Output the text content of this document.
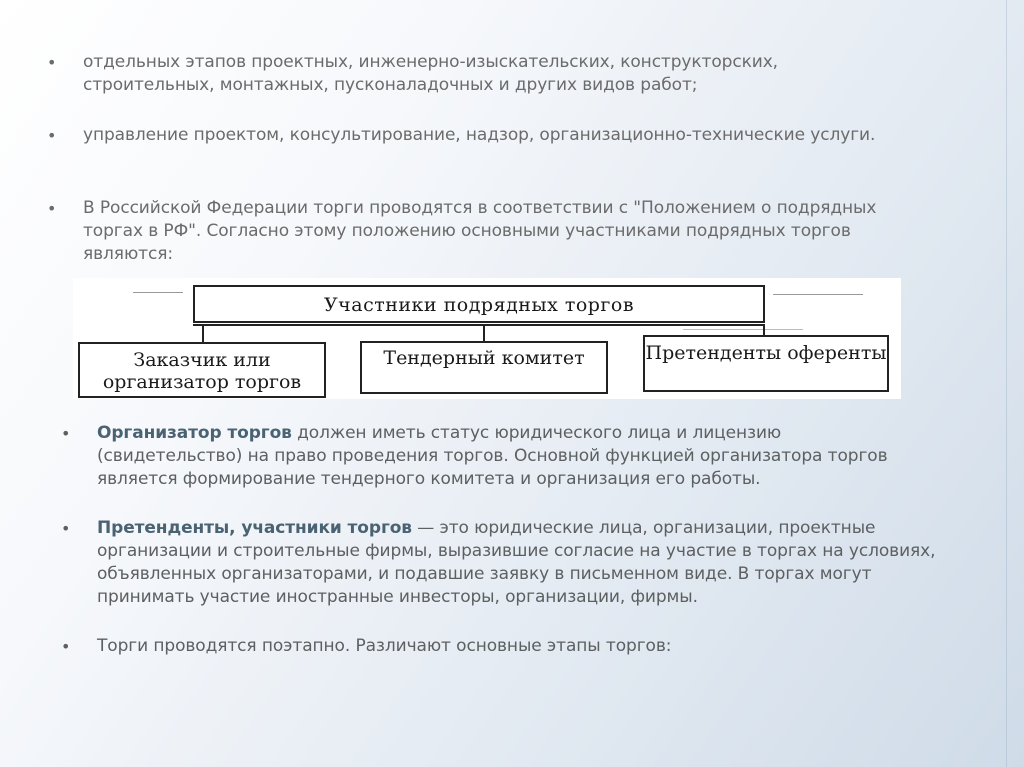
• отдельных этапов проектных, инженерно-изыскательских, конструкторских, строительных, монтажных, пусконаладочных и других видов работ;
• управление проектом, консультирование, надзор, организационно-технические услуги.
• В Российской Федерации торги проводятся в соответствии с "Положением о подрядных торгах в РФ". Согласно этому положению основными участниками подрядных торгов являются:
Участники подрядных торгов
Заказчик или организатор торгов
Тендерный комитет	Претенденты оференты
• Организатор торгов должен иметь статус юридического лица и лицензию (свидетельство) на право проведения торгов. Основной функцией организатора торгов является формирование тендерного комитета и организация его работы.
• Претенденты, участники торгов — это юридические лица, организации, проектные организации и строительные фирмы, выразившие согласие на участие в торгах на условиях, объявленных организаторами, и подавшие заявку в письменном виде. В торгах могут принимать участие иностранные инвесторы, организации, фирмы.
• Торги проводятся поэтапно. Различают основные этапы торгов:
